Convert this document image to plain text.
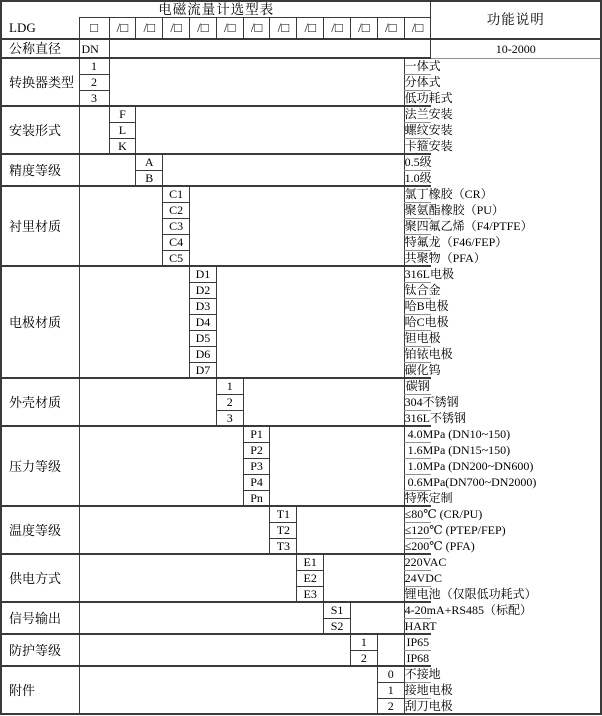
电磁流量计选型表														功能说明
LDG	□	/□	/□	/□	/□	/□	/□	/□	/□	/□	/□	/□	/□	
公称直径	DN													10-2000
转换器类型	1												一体式	
	2												分体式	
	3												低功耗式	
安装形式		F											法兰安装	
		L											螺纹安装	
		K											卡箍安装	
精度等级			A										0.5级	
			B										1.0级	
衬里材质				C1									氯丁橡胶（CR）	
				C2									聚氨酯橡胶（PU）	
				C3									聚四氟乙烯（F4/PTFE）	
				C4									特氟龙（F46/FEP）	
				C5									共聚物（PFA）	
电极材质					D1								316L电极	
					D2								钛合金	
					D3								哈B电极	
					D4								哈C电极	
					D5								钽电极	
					D6								铂铱电极	
					D7								碳化钨	
外壳材质						1							碳钢	
						2							304不锈钢	
						3							316L不锈钢	
压力等级							P1						4.0MPa (DN10~150)	
							P2						1.6MPa (DN15~150)	
							P3						1.0MPa (DN200~DN600)	
							P4						0.6MPa(DN700~DN2000)	
							Pn						特殊定制	
温度等级								T1					≤80℃ (CR/PU)	
								T2					≤120℃ (PTEP/FEP)	
								T3					≤200℃ (PFA)	
供电方式									E1				220VAC	
									E2				24VDC	
									E3				锂电池（仅限低功耗式）	
信号输出										S1			4-20mA+RS485（标配）	
										S2			HART	
防护等级											1		IP65	
											2		IP68	
附件												0	不接地	
												1	接地电极	
												2	刮刀电极	
